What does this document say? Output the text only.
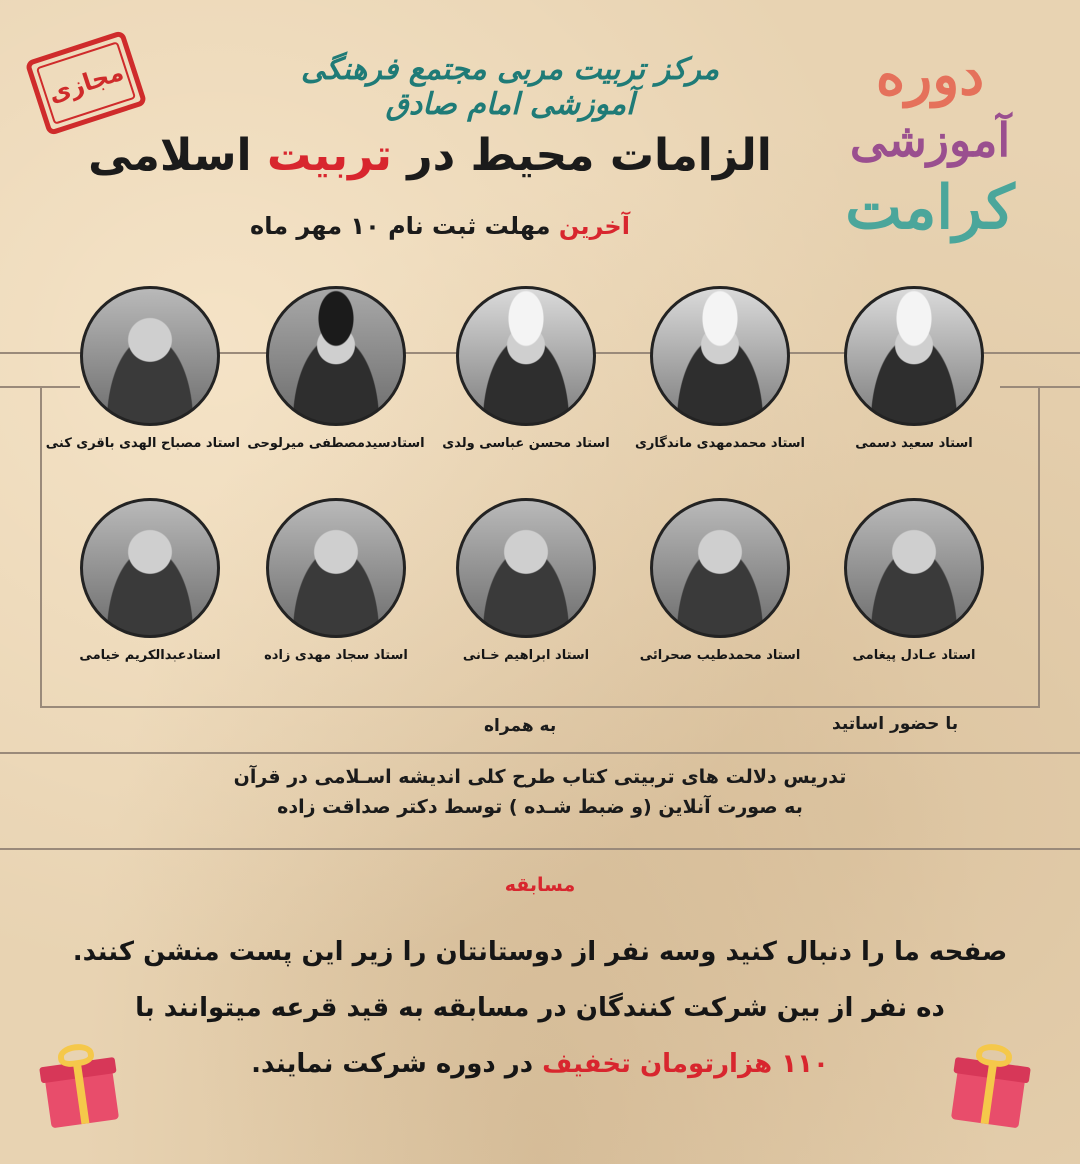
مجازی	مرکز تربیت مربی مجتمع فرهنگی آموزشی امام صادق
الزامات محیط در تربیت اسلامی
آخرین مهلت ثبت نام ۱۰ مهر ماه
دوره
آموزشی
کرامت
استاد سعید دسمی
استاد محمدمهدی ماندگاری
استاد محسن عباسی ولدی
استادسیدمصطفی میرلوحی
استاد مصباح الهدی باقری کنی
استاد عـادل پیغامی
استاد محمدطیب صحرائی
استاد ابراهیم خـانی
استاد سجاد مهدی زاده
استادعبدالکریم خیامی
با حضور اساتید
به همراه
تدریس دلالت های تربیتی کتاب طرح کلی اندیشه اسـلامی در قرآن
به صورت آنلاین (و ضبط شـده ) توسط دکتر صداقت زاده
مسابقه
صفحه ما را دنبال کنید وسه نفر از دوستانتان را زیر این پست منشن کنند.
ده نفر از بین شرکت کنندگان در مسابقه به قید قرعه میتوانند با
۱۱۰ هزارتومان تخفیف در دوره شرکت نمایند.
